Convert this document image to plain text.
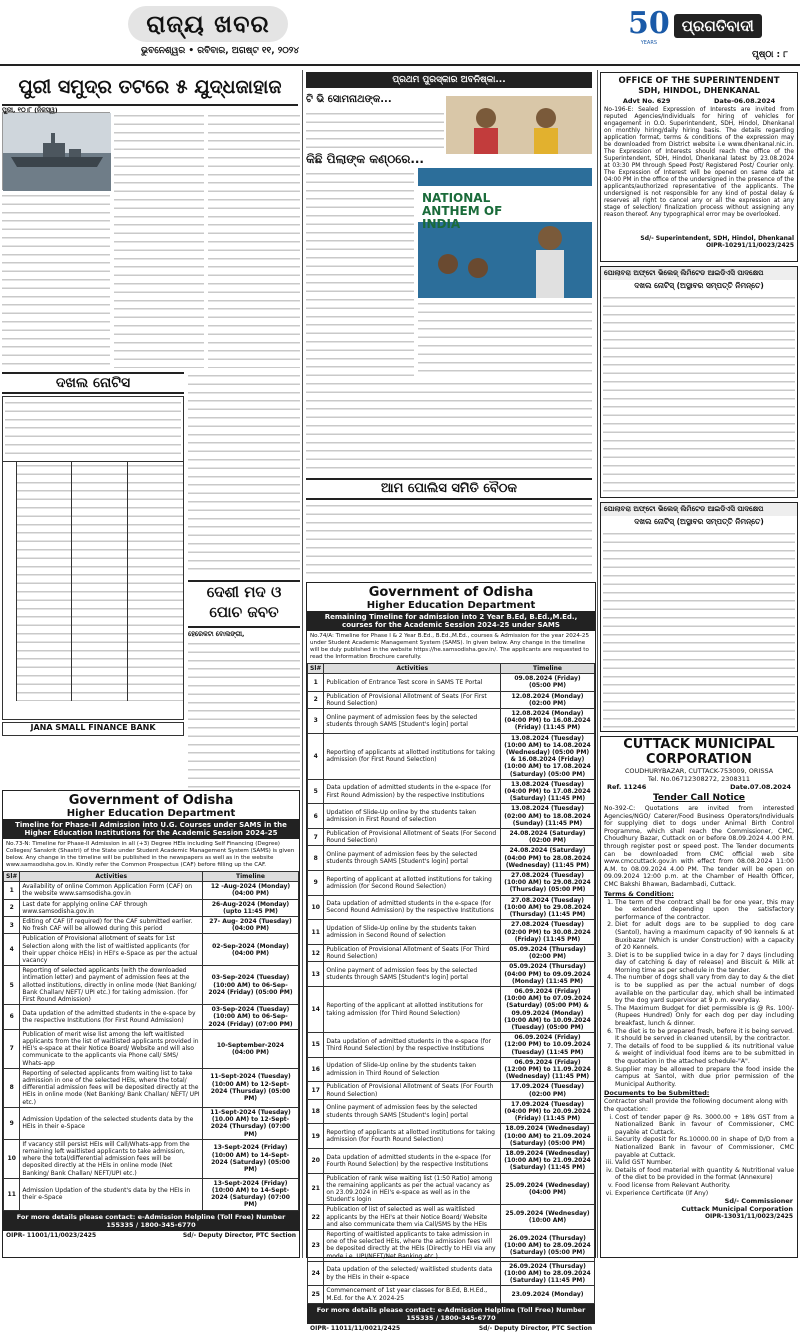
ରାଜ୍ୟ ଖବର
ଭୁବନେଶ୍ୱର • ରବିବାର, ଅଗଷ୍ଟ ୧୧, ୨୦୨୪
50
YEARS
ପ୍ରଗତିବାଦୀ
ପୃଷ୍ଠା : ୮
ପୁରୀ ସମୁଦ୍ର ତଟରେ ୫ ଯୁଦ୍ଧଜାହାଜ
ପୁରୀ, ୧୦।୮ (ନିଜସ୍ୱ)
ଦଖଲ ନୋଟିସ
JANA SMALL FINANCE BANK
ଦେଶୀ ମଦ ଓ ପୋଚ ଜବତ
ହେରେକଟା ବୋଲଙ୍ଗୀ,
Government of Odisha
Higher Education Department
Timeline for Phase-II Admission into U.G. Courses under SAMS in the Higher Education Institutions for the Academic Session 2024-25
No.73-N: Timeline for Phase-II Admission in all (+3) Degree HEIs including Self Financing (Degree) Colleges/ Sanskrit (Shastri) of the State under Student Academic Management System (SAMS) is given below. Any change in the timeline will be published in the newspapers as well as in the website www.samsodisha.gov.in. Kindly refer the Common Prospectus (CAF) before filling up the CAF.
Sl#	Activities	Timeline
1	Availability of online Common Application Form (CAF) on the website www.samsodisha.gov.in	12 -Aug-2024 (Monday) (04:00 PM)
2	Last date for applying online CAF through www.samsodisha.gov.in	26-Aug-2024 (Monday) (upto 11:45 PM)
3	Editing of CAF (if required) for the CAF submitted earlier. No fresh CAF will be allowed during this period	27- Aug- 2024 (Tuesday) (04:00 PM)
4	Publication of Provisional allotment of seats for 1st Selection along with the list of waitlisted applicants (for their upper choice HEIs) in HEI's e-Space as per the actual vacancy	02-Sep-2024 (Monday) (04:00 PM)
5	Reporting of selected applicants (with the downloaded intimation letter) and payment of admission fees at the allotted institutions, directly in online mode (Net Banking/ Bank Challan/ NEFT/ UPI etc.) for taking admission. (for First Round Admission)	03-Sep-2024 (Tuesday) (10:00 AM) to 06-Sep-2024 (Friday) (05:00 PM)
6	Data updation of the admitted students in the e-space by the respective Institutions (for First Round Admission)	03-Sep-2024 (Tuesday) (10:00 AM) to 06-Sep-2024 (Friday) (07:00 PM)
7	Publication of merit wise list among the left waitlisted applicants from the list of waitlisted applicants provided in HEI's e-space at their Notice Board/ Website and will also communicate to the applicants via Phone call/ SMS/ Whats-app	10-September-2024 (04:00 PM)
8	Reporting of selected applicants from waiting list to take admission in one of the selected HEIs, where the total/ differential admission fees will be deposited directly at the HEIs in online mode (Net Banking/ Bank Challan/ NEFT/ UPI etc.)	11-Sept-2024 (Tuesday) (10:00 AM) to 12-Sept-2024 (Thursday) (05:00 PM)
9	Admission Updation of the selected students data by the HEIs in their e-Space	11-Sept-2024 (Tuesday) (10.00 AM) to 12-Sept-2024 (Thursday) (07:00 PM)
10	If vacancy still persist HEIs will Call/Whats-app from the remaining left waitlisted applicants to take admission, where the total/differential admission fees will be deposited directly at the HEIs in online mode (Net Banking/ Bank Challan/ NEFT/UPI etc.)	13-Sept-2024 (Friday) (10:00 AM) to 14-Sept-2024 (Saturday) (05:00 PM)
11	Admission Updation of the student's data by the HEIs in their e-Space	13-Sept-2024 (Friday) (10:00 AM) to 14-Sept-2024 (Saturday) (07:00 PM)
For more details please contact: e-Admission Helpline (Toll Free) Number 155335 / 1800-345-6770
OIPR- 11001/11/0023/2425	Sd/- Deputy Director, PTC Section
ପ୍ରଥମ ପୁରସ୍କାର ଅବନିଷ୍କା...
ଟି ଭି ସୋମନାଥଙ୍କ...
କିଛି ପିଲାଙ୍କ କଣ୍ଠରେ...
NATIONAL ANTHEM OF INDIA
ଆମ ପୋଲିସ ସମିତି ବୈଠକ
Government of Odisha
Higher Education Department
Remaining Timeline for admission into 2 Year B.Ed, B.Ed.,M.Ed., courses for the Academic Session 2024-25 under SAMS
No.74/A: Timeline for Phase I & 2 Year B.Ed., B.Ed.,M.Ed., courses & Admission for the year 2024-25 under Student Academic Management System (SAMS). In given below. Any change in the timeline will be duly published in the website https://he.samsodisha.gov.in/. The applicants are requested to read the Information Brochure carefully.
Sl#	Activities	Timeline
1	Publication of Entrance Test score in SAMS TE Portal	09.08.2024 (Friday) (05:00 PM)
2	Publication of Provisional Allotment of Seats (For First Round Selection)	12.08.2024 (Monday) (02:00 PM)
3	Online payment of admission fees by the selected students through SAMS [Student's login] portal	12.08.2024 (Monday) (04:00 PM) to 16.08.2024 (Friday) (11:45 PM)
4	Reporting of applicants at allotted institutions for taking admission (for First Round Selection)	13.08.2024 (Tuesday) (10:00 AM) to 14.08.2024 (Wednesday) (05:00 PM) & 16.08.2024 (Friday) (10:00 AM) to 17.08.2024 (Saturday) (05:00 PM)
5	Data updation of admitted students in the e-space (for First Round Admission) by the respective Institutions	13.08.2024 (Tuesday) (04:00 PM) to 17.08.2024 (Saturday) (11:45 PM)
6	Updation of Slide-Up online by the students taken admission in First Round of selection	13.08.2024 (Tuesday) (02:00 AM) to 18.08.2024 (Sunday) (11:45 PM)
7	Publication of Provisional Allotment of Seats (For Second Round Selection)	24.08.2024 (Saturday) (02:00 PM)
8	Online payment of admission fees by the selected students through SAMS [Student's login] portal	24.08.2024 (Saturday) (04:00 PM) to 28.08.2024 (Wednesday) (11:45 PM)
9	Reporting of applicant at allotted institutions for taking admission (for Second Round Selection)	27.08.2024 (Tuesday) (10:00 AM) to 29.08.2024 (Thursday) (05:00 PM)
10	Data updation of admitted students in the e-space (for Second Round Admission) by the respective Institutions	27.08.2024 (Tuesday) (10:00 AM) to 29.08.2024 (Thursday) (11:45 PM)
11	Updation of Slide-Up online by the students taken admission in Second Round of selection	27.08.2024 (Tuesday) (02:00 PM) to 30.08.2024 (Friday) (11:45 PM)
12	Publication of Provisional Allotment of Seats (For Third Round Selection)	05.09.2024 (Thursday) (02:00 PM)
13	Online payment of admission fees by the selected students through SAMS [Student's login] portal	05.09.2024 (Thursday) (04:00 PM) to 09.09.2024 (Monday) (11:45 PM)
14	Reporting of the applicant at allotted institutions for taking admission (for Third Round Selection)	06.09.2024 (Friday) (10:00 AM) to 07.09.2024 (Saturday) (05:00 PM) & 09.09.2024 (Monday) (10:00 AM) to 10.09.2024 (Tuesday) (05:00 PM)
15	Data updation of admitted students in the e-space (for Third Round Selection) by the respective Institutions	06.09.2024 (Friday) (12:00 PM) to 10.09.2024 (Tuesday) (11:45 PM)
16	Updation of Slide-Up online by the students taken admission in Third Round of Selection	06.09.2024 (Friday) (12:00 PM) to 11.09.2024 (Wednesday) (11:45 PM)
17	Publication of Provisional Allotment of Seats (For Fourth Round Selection)	17.09.2024 (Tuesday) (02:00 PM)
18	Online payment of admission fees by the selected students through SAMS [Student's login] portal	17.09.2024 (Tuesday) (04:00 PM) to 20.09.2024 (Friday) (11:45 PM)
19	Reporting of applicants at allotted institutions for taking admission (for Fourth Round Selection)	18.09.2024 (Wednesday) (10:00 AM) to 21.09.2024 (Saturday) (05:00 PM)
20	Data updation of admitted students in the e-space (for Fourth Round Selection) by the respective Institutions	18.09.2024 (Wednesday) (10:00 AM) to 21.09.2024 (Saturday) (11:45 PM)
21	Publication of rank wise waiting list (1:50 Ratio) among the remaining applicants as per the actual vacancy as on 23.09.2024 in HEI's e-space as well as in the Student's login	25.09.2024 (Wednesday) (04:00 PM)
22	Publication of list of selected as well as waitlisted applicants by the HEI's at their Notice Board/ Website and also communicate them via Call/SMS by the HEIs	25.09.2024 (Wednesday) (10:00 AM)
23	Reporting of waitlisted applicants to take admission in one of the selected HEIs, where the admission fees will be deposited directly at the HEIs (Directly to HEI via any mode i.e. UPI/NEFT/Net Banking etc.)	26.09.2024 (Thursday) (10:00 AM) to 28.09.2024 (Saturday) (05:00 PM)
24	Data updation of the selected/ waitlisted students data by the HEIs in their e-space	26.09.2024 (Thursday) (10:00 AM) to 28.09.2024 (Saturday) (11:45 PM)
25	Commencement of 1st year classes for B.Ed, B.H.Ed., M.Ed. for the A.Y. 2024-25	23.09.2024 (Monday)
For more details please contact: e-Admission Helpline (Toll Free) Number 155335 / 1800-345-6770
OIPR- 11011/11/0021/2425	Sd/- Deputy Director, PTC Section
OFFICE OF THE SUPERINTENDENT
SDH, HINDOL, DHENKANAL
Advt No. 629	Date-06.08.2024
No-196-E: Sealed Expression of Interests are invited from reputed Agencies/Individuals for hiring of vehicles for engagement in O.O. Superintendent, SDH, Hindol, Dhenkanal on monthly hiring/daily hiring basis. The details regarding application format, terms & conditions of the expression may be downloaded from District website i.e www.dhenkanal.nic.in. The Expression of Interests should reach the office of the Superintendent, SDH, Hindol, Dhenkanal latest by 23.08.2024 at 03:30 PM through Speed Post/ Registered Post/ Courier only. The Expression of Interest will be opened on same date at 04:00 PM in the office of the undersigned in the presence of the applicants/authorized representative of the applicants. The undersigned is not responsible for any kind of postal delay & reserves all right to cancel any or all the expression at any stage of selection/ finalization process without assigning any reason thereof. Any typographical error may be overlooked.
Sd/- Superintendent, SDH, Hindol, Dhenkanal
OIPR-10291/11/0023/2425
ପୋଲାବରା ଅଫ୍‌ଟୋ ଭିଲେଜ୍ ଲିମିଟେଡ ଆଇଡିଏସି ପାଦକ୍ଷେପ
ଦଖଲ ନୋଟିସ୍ (ଅସ୍ଥାବର ସମ୍ପତ୍ତି ନିମନ୍ତେ)
ପୋଲାବରା ଅଫ୍‌ଟୋ ଭିଲେଜ୍ ଲିମିଟେଡ ଆଇଡିଏସି ପାଦକ୍ଷେପ
ଦଖଲ ନୋଟିସ୍ (ଅସ୍ଥାବର ସମ୍ପତ୍ତି ନିମନ୍ତେ)
CUTTACK MUNICIPAL
CORPORATION
COUDHURYBAZAR, CUTTACK-753009, ORISSA
Tel. No.06712308272, 2308311
Ref. 11246	Date.07.08.2024
Tender Call Notice
No-392-C: Quotations are invited from interested Agencies/NGO/ Caterer/Food Business Operators/Individuals for supplying diet to dogs under Animal Birth Control Programme, which shall reach the Commissioner, CMC, Choudhury Bazar, Cuttack on or before 08.09.2024 4.00 P.M. through register post or speed post. The Tender documents can be downloaded from CMC official web site www.cmccuttack.gov.in with effect from 08.08.2024 11:00 A.M. to 08.09.2024 4.00 PM. The tender will be open on 09.09.2024 12:00 p.m. at the Chamber of Health Officer, CMC Bakshi Bhawan, Badambadi, Cuttack.
Terms & Condition:
1. The term of the contract shall be for one year, this may be extended depending upon the satisfactory performance of the contractor.
2. Diet for adult dogs are to be supplied to dog care (Santol), having a maximum capacity of 90 kennels & at Buxibazar (Which is under Construction) with a capacity of 20 Kennels.
3. Diet is to be supplied twice in a day for 7 days (including day of catching & day of release) and Biscuit & Milk at Morning time as per schedule in the tender.
4. The number of dogs shall vary from day to day & the diet is to be supplied as per the actual number of dogs available on the particular day, which shall be intimated by the dog yard supervisor at 9 p.m. everyday.
5. The Maximum Budget for diet permissible is @ Rs. 100/- (Rupees Hundred) Only for each dog per day including breakfast, lunch & dinner.
6. The diet is to be prepared fresh, before it is being served. It should be served in cleaned utensil, by the contractor.
7. The details of food to be supplied & its nutritional value & weight of individual food items are to be submitted in the quotation in the attached schedule-"A".
8. Supplier may be allowed to prepare the food inside the campus at Santol, with due prior permission of the Municipal Authority.
Documents to be Submitted:
Contractor shall provide the following document along with the quotation:
i. Cost of tender paper @ Rs. 3000.00 + 18% GST from a Nationalized Bank in favour of Commissioner, CMC payable at Cuttack.
ii. Security deposit for Rs.10000.00 in shape of D/D from a Nationalized Bank in favour of Commissioner, CMC payable at Cuttack.
iii. Valid GST Number.
iv. Details of food material with quantity & Nutritional value of the diet to be provided in the format (Annexure)
v. Food license from Relevant Authority.
vi. Experience Certificate (If Any)
Sd/- Commissioner
Cuttack Municipal Corporation
OIPR-13031/11/0023/2425
